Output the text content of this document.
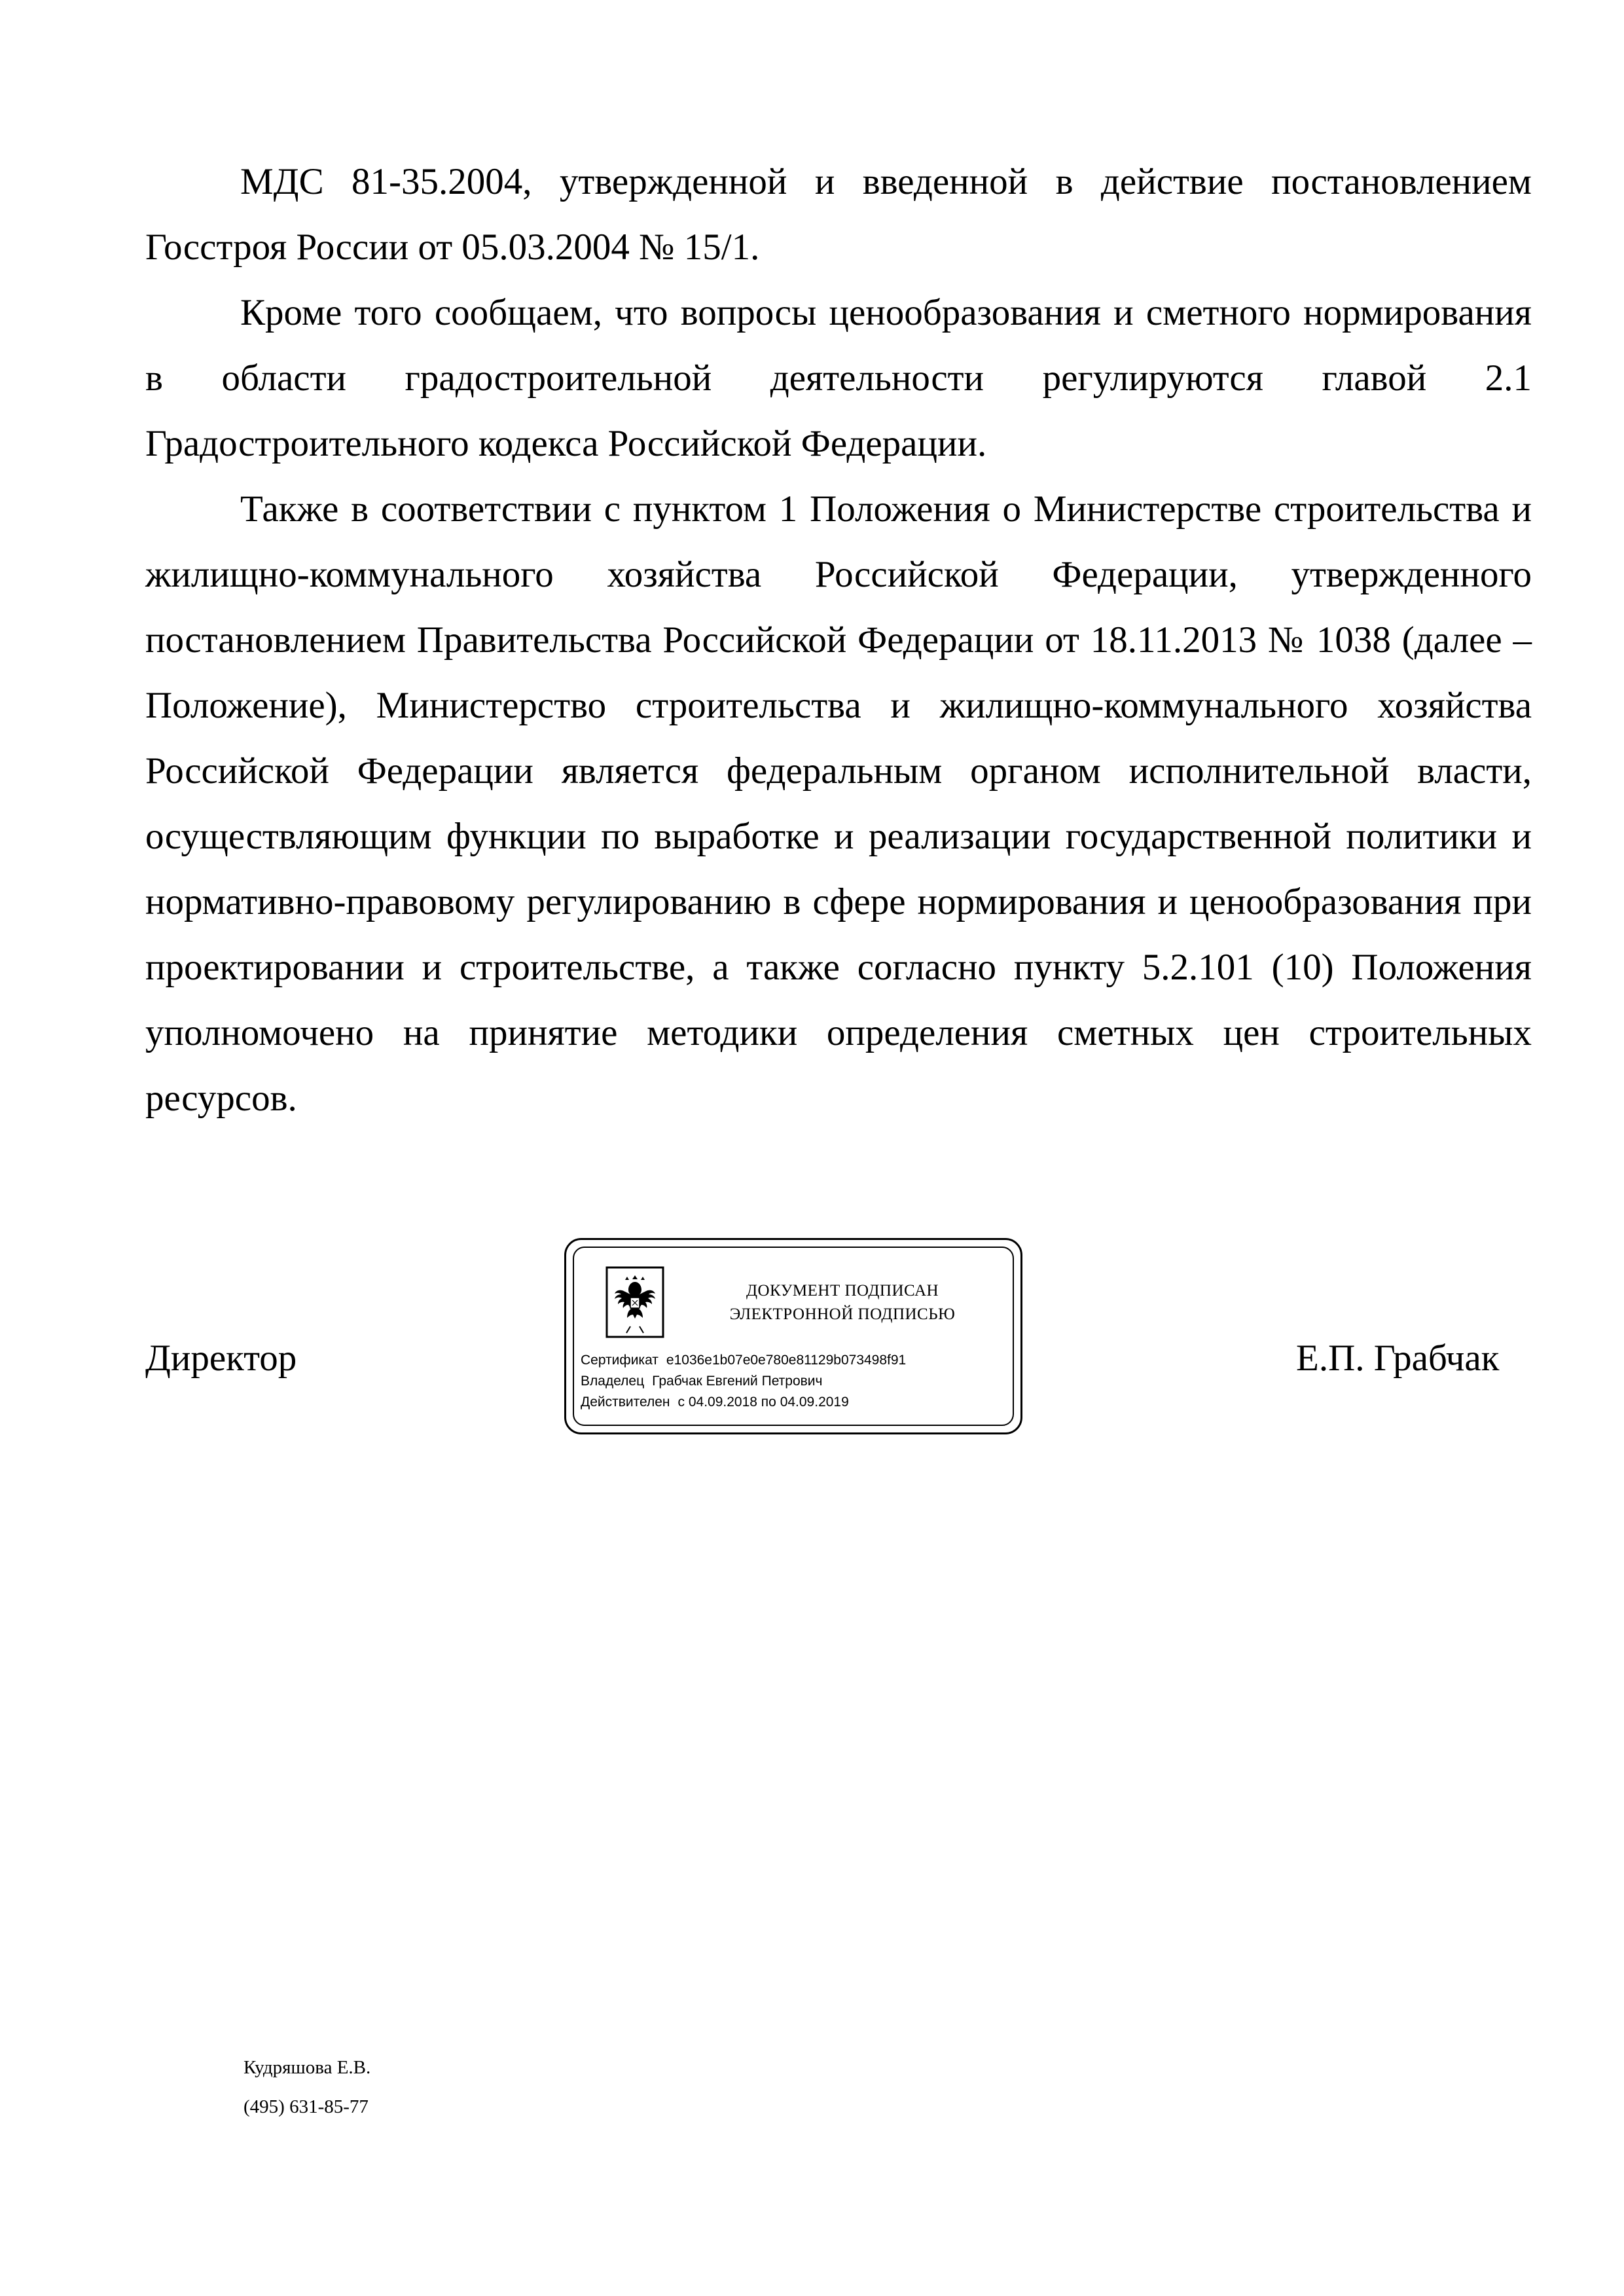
МДС 81-35.2004, утвержденной и введенной в действие постановлением Госстроя России от 05.03.2004 № 15/1.

Кроме того сообщаем, что вопросы ценообразования и сметного нормирования в области градостроительной деятельности регулируются главой 2.1 Градостроительного кодекса Российской Федерации.

Также в соответствии с пунктом 1 Положения о Министерстве строительства и жилищно-коммунального хозяйства Российской Федерации, утвержденного постановлением Правительства Российской Федерации от 18.11.2013 № 1038 (далее – Положение), Министерство строительства и жилищно-коммунального хозяйства Российской Федерации является федеральным органом исполнительной власти, осуществляющим функции по выработке и реализации государственной политики и нормативно-правовому регулированию в сфере нормирования и ценообразования при проектировании и строительстве, а также согласно пункту 5.2.101 (10) Положения уполномочено на принятие методики определения сметных цен строительных ресурсов.

Директор
ДОКУМЕНТ ПОДПИСАН
ЭЛЕКТРОННОЙ ПОДПИСЬЮ
Сертификат e1036e1b07e0e780e81129b073498f91
Владелец Грабчак Евгений Петрович
Действителен с 04.09.2018 по 04.09.2019
Е.П. Грабчак
Кудряшова Е.В.
(495) 631-85-77
